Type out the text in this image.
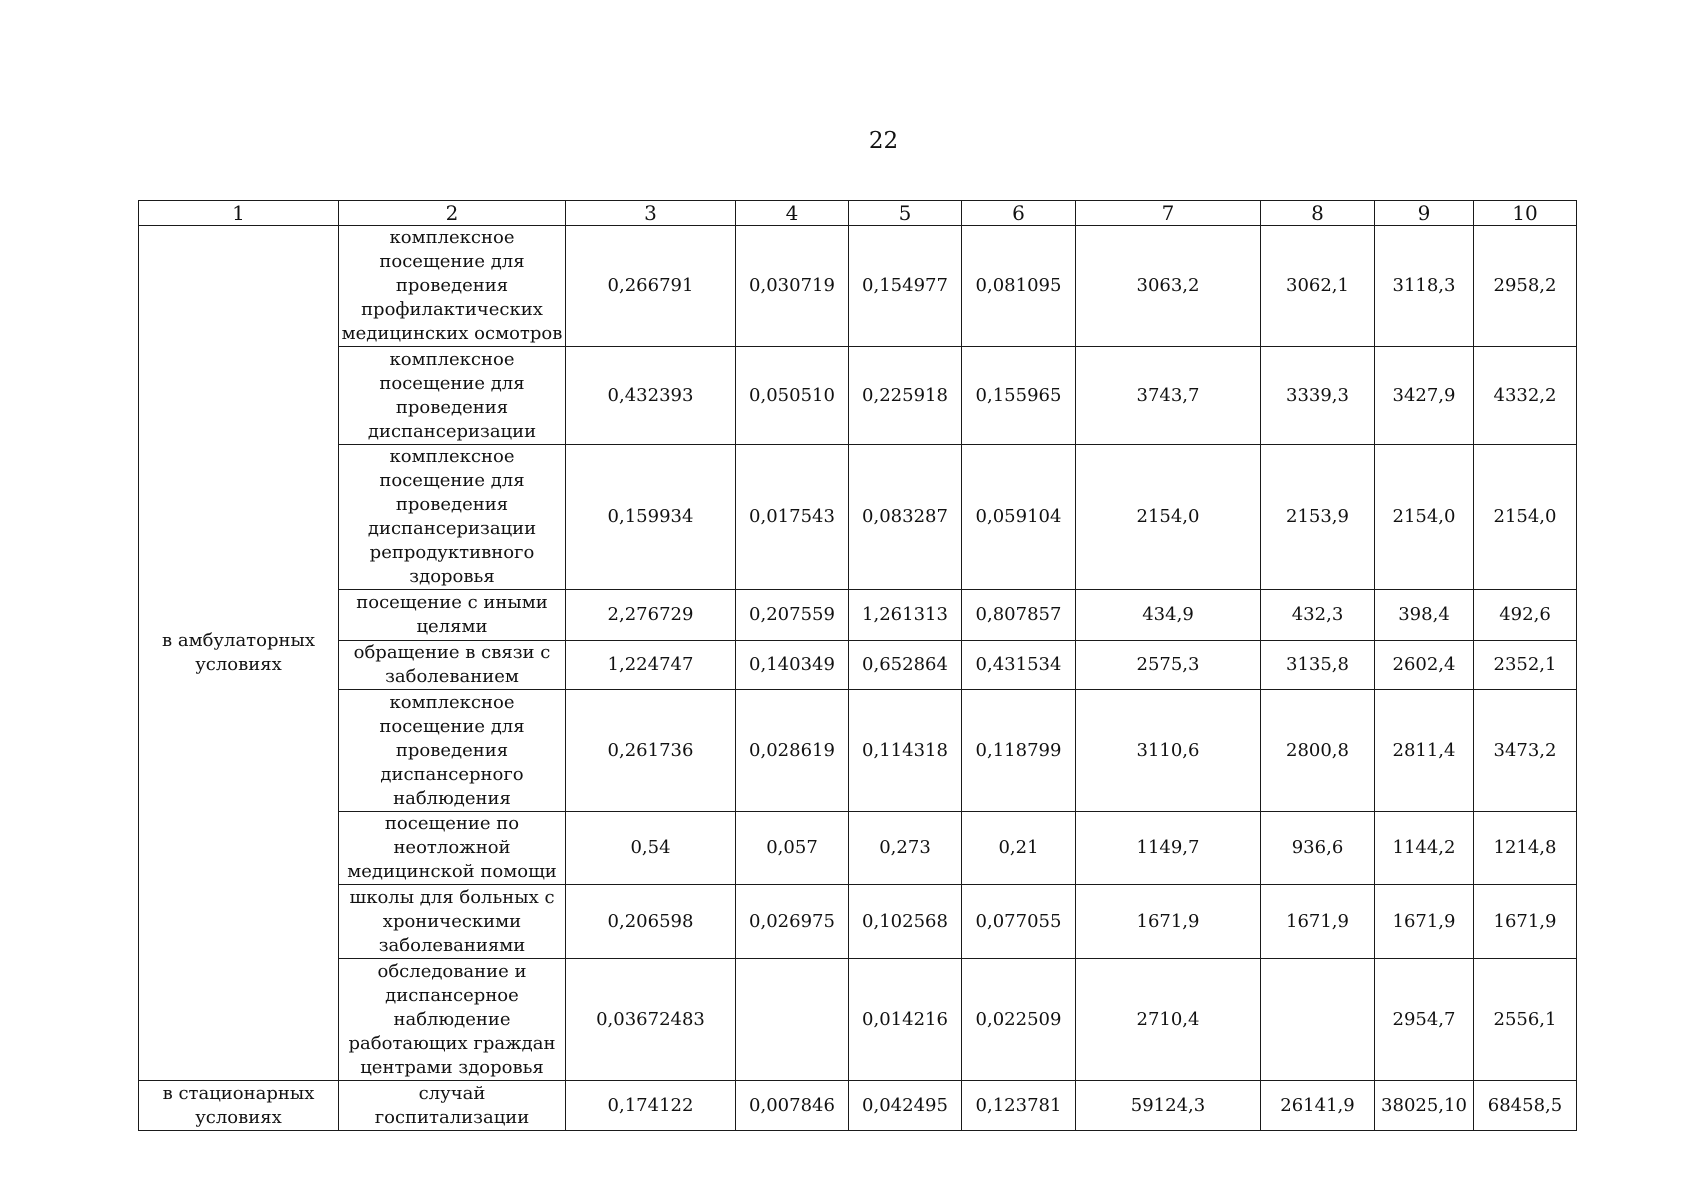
22
1	2	3	4	5	6	7	8	9	10
в амбулаторных условиях	комплексное посещение для проведения профилактических медицинских осмотров	0,266791	0,030719	0,154977	0,081095	3063,2	3062,1	3118,3	2958,2
	комплексное посещение для проведения диспансеризации	0,432393	0,050510	0,225918	0,155965	3743,7	3339,3	3427,9	4332,2
	комплексное посещение для проведения диспансеризации репродуктивного здоровья	0,159934	0,017543	0,083287	0,059104	2154,0	2153,9	2154,0	2154,0
	посещение с иными целями	2,276729	0,207559	1,261313	0,807857	434,9	432,3	398,4	492,6
	обращение в связи с заболеванием	1,224747	0,140349	0,652864	0,431534	2575,3	3135,8	2602,4	2352,1
	комплексное посещение для проведения диспансерного наблюдения	0,261736	0,028619	0,114318	0,118799	3110,6	2800,8	2811,4	3473,2
	посещение по неотложной медицинской помощи	0,54	0,057	0,273	0,21	1149,7	936,6	1144,2	1214,8
	школы для больных с хроническими заболеваниями	0,206598	0,026975	0,102568	0,077055	1671,9	1671,9	1671,9	1671,9
	обследование и диспансерное наблюдение работающих граждан центрами здоровья	0,03672483		0,014216	0,022509	2710,4		2954,7	2556,1
в стационарных условиях	случай госпитализации	0,174122	0,007846	0,042495	0,123781	59124,3	26141,9	38025,10	68458,5
